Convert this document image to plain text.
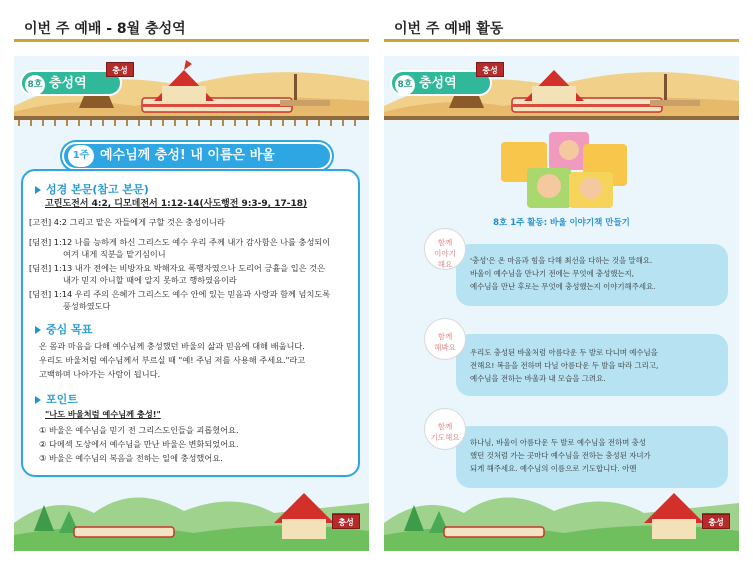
이번 주 예배 - 8월 충성역	이번 주 예배 활동
8호 충성역
충성
1주 예수님께 충성! 내 이름은 바울
성경 본문(참고 본문)
고린도전서 4:2, 디모데전서 1:12-14(사도행전 9:3-9, 17-18)
[고전] 4:2 그리고 맡은 자들에게 구할 것은 충성이니라
[딤전] 1:12 나를 능하게 하신 그리스도 예수 우리 주께 내가 감사함은 나를 충성되이
여겨 내게 직분을 맡기심이니
[딤전] 1:13 내가 전에는 비방자요 박해자요 폭행자였으나 도리어 긍휼을 입은 것은
내가 믿지 아니할 때에 알지 못하고 행하였음이라
[딤전] 1:14 우리 주의 은혜가 그리스도 예수 안에 있는 믿음과 사랑과 함께 넘치도록
풍성하였도다
중심 목표
온 몸과 마음을 다해 예수님께 충성했던 바울의 삶과 믿음에 대해 배웁니다.
우리도 바울처럼 예수님께서 부르실 때 "예! 주님 저를 사용해 주세요."라고
고백하며 나아가는 사람이 됩니다.
포인트
"나도 바울처럼 예수님께 충성!"
① 바울은 예수님을 믿기 전 그리스도인들을 괴롭혔어요.
② 다메섹 도상에서 예수님을 만난 바울은 변화되었어요.
③ 바울은 예수님의 복음을 전하는 일에 충성했어요.
충성
8호 충성역
충성
8호 1주 활동: 바울 이야기책 만들기
'충성'은 온 마음과 힘을 다해 최선을 다하는 것을 말해요.
바울이 예수님을 만나기 전에는 무엇에 충성했는지,
예수님을 만난 후로는 무엇에 충성했는지 이야기해주세요.
함께
이야기
해요
우리도 충성된 바울처럼 아름다운 두 발로 다니며 예수님을
전해요! 복음을 전하며 다닐 아름다운 두 발을 따라 그리고,
예수님을 전하는 바울과 내 모습을 그려요.
함께
해봐요
하나님, 바울이 아름다운 두 발로 예수님을 전하며 충성
했던 것처럼 가는 곳마다 예수님을 전하는 충성된 자녀가
되게 해주세요. 예수님의 이름으로 기도합니다. 아멘
함께
기도해요
충성
